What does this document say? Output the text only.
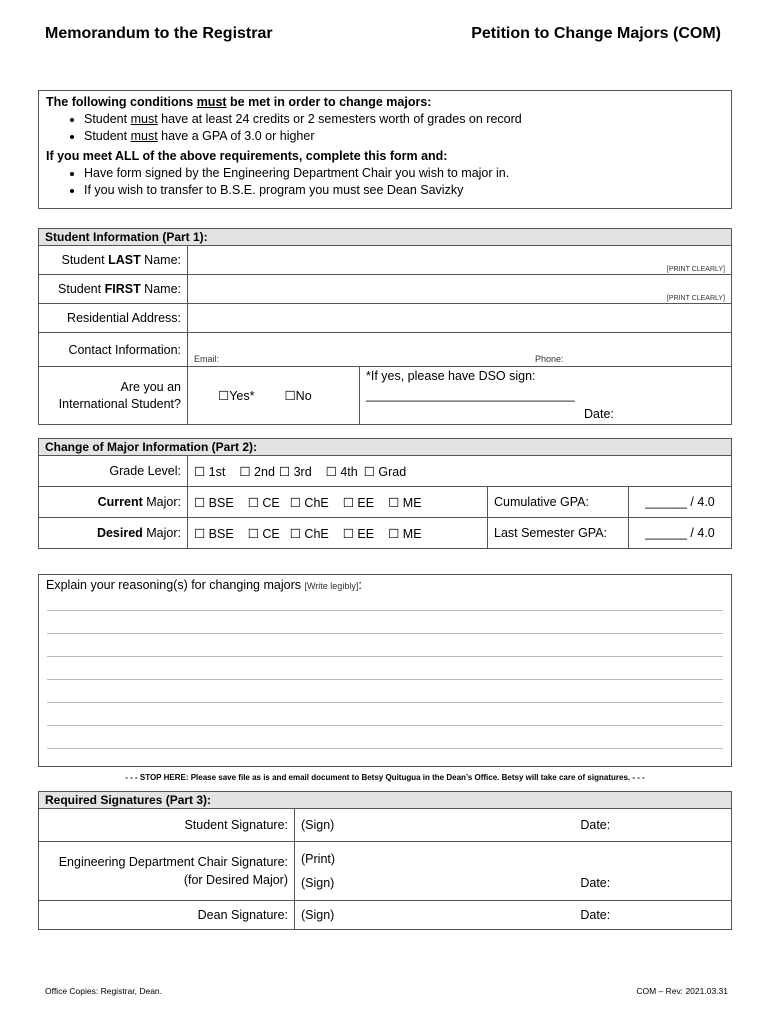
Memorandum to the Registrar	Petition to Change Majors (COM)

The following conditions must be met in order to change majors:

• Student must have at least 24 credits or 2 semesters worth of grades on record
• Student must have a GPA of 3.0 or higher

If you meet ALL of the above requirements, complete this form and:

• Have form signed by the Engineering Department Chair you wish to major in.
• If you wish to transfer to B.S.E. program you must see Dean Savizky
Student Information (Part 1):		
Student LAST Name:	[PRINT CLEARLY]	
Student FIRST Name:	[PRINT CLEARLY]	
Residential Address:		
Contact Information:	Email: Phone:	
Are you an
International Student?	☐Yes* ☐No	*If yes, please have DSO sign: ______________________________
Date:
Change of Major Information (Part 2):			
Grade Level:	☐ 1st ☐ 2nd ☐ 3rd ☐ 4th ☐ Grad		
Current Major:	☐ BSE ☐ CE ☐ ChE ☐ EE ☐ ME	Cumulative GPA:	______ / 4.0
Desired Major:	☐ BSE ☐ CE ☐ ChE ☐ EE ☐ ME	Last Semester GPA:	______ / 4.0
Explain your reasoning(s) for changing majors [Write legibly]:
- - - STOP HERE: Please save file as is and email document to Betsy Quitugua in the Dean’s Office. Betsy will take care of signatures. - - -
Required Signatures (Part 3):	
Student Signature:	(Sign) Date:
Engineering Department Chair Signature:
(for Desired Major)	(Print)
(Sign) Date:
Dean Signature:	(Sign) Date:
Office Copies: Registrar, Dean.	COM – Rev: 2021.03.31
